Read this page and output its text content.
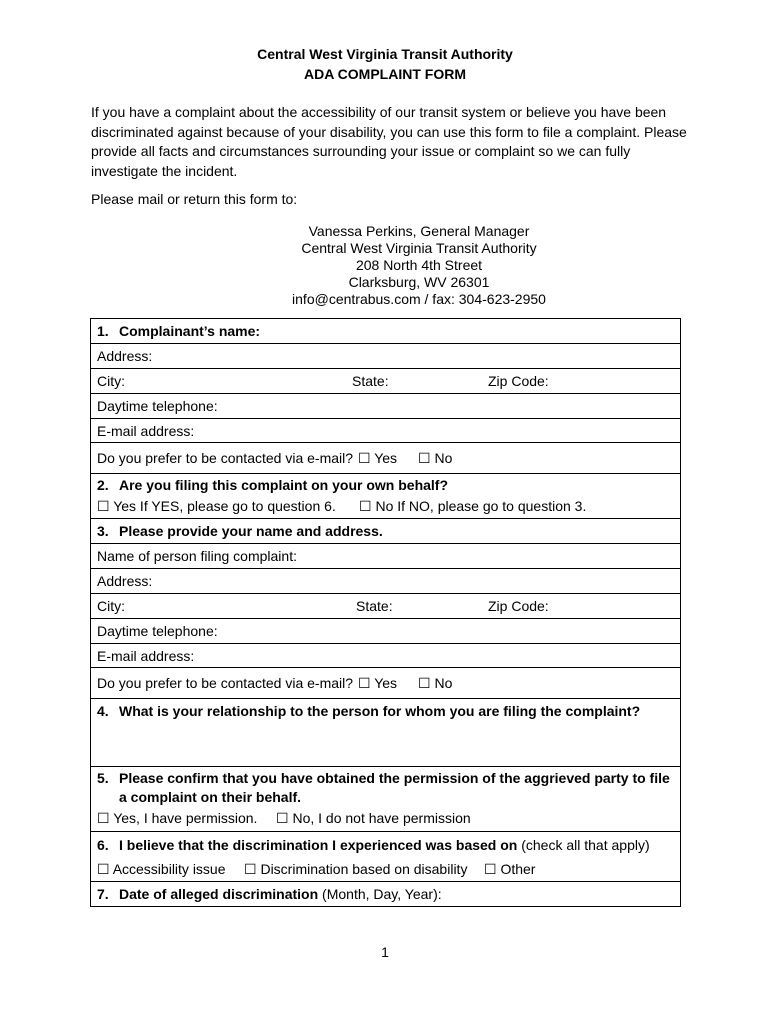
Central West Virginia Transit Authority
ADA COMPLAINT FORM
If you have a complaint about the accessibility of our transit system or believe you have been discriminated against because of your disability, you can use this form to file a complaint. Please provide all facts and circumstances surrounding your issue or complaint so we can fully investigate the incident.
Please mail or return this form to:
Vanessa Perkins, General Manager
Central West Virginia Transit Authority
208 North 4th Street
Clarksburg, WV 26301
info@centrabus.com / fax: 304-623-2950
1. Complainant’s name:
Address:

City:	State:	Zip Code:

Daytime telephone:
E-mail address:

Do you prefer to be contacted via e-mail? ☐ Yes ☐ No

2. Are you filing this complaint on your own behalf?
☐ Yes If YES, please go to question 6. ☐ No If NO, please go to question 3.

3. Please provide your name and address.
Name of person filing complaint:
Address:

City:	State:	Zip Code:

Daytime telephone:
E-mail address:

Do you prefer to be contacted via e-mail? ☐ Yes ☐ No

4. What is your relationship to the person for whom you are filing the complaint?

5. Please confirm that you have obtained the permission of the aggrieved party to file
a complaint on their behalf.
☐ Yes, I have permission. ☐ No, I do not have permission

6. I believe that the discrimination I experienced was based on (check all that apply)
☐ Accessibility issue ☐ Discrimination based on disability ☐ Other

7. Date of alleged discrimination (Month, Day, Year):
1
